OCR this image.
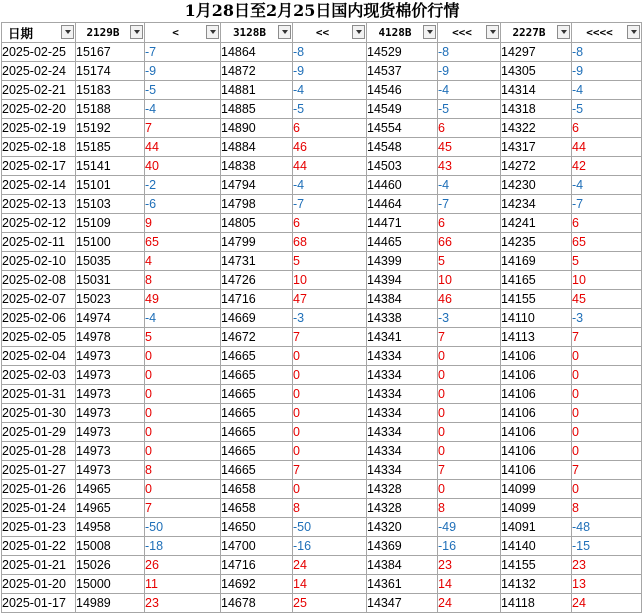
1月28日至2月25日国内现货棉价行情
日期	2129B	<	3128B	<<	4128B	<<<	2227B	<<<<

2025-02-25	15167	-7	14864	-8	14529	-8	14297	-8
2025-02-24	15174	-9	14872	-9	14537	-9	14305	-9
2025-02-21	15183	-5	14881	-4	14546	-4	14314	-4
2025-02-20	15188	-4	14885	-5	14549	-5	14318	-5
2025-02-19	15192	7	14890	6	14554	6	14322	6
2025-02-18	15185	44	14884	46	14548	45	14317	44
2025-02-17	15141	40	14838	44	14503	43	14272	42
2025-02-14	15101	-2	14794	-4	14460	-4	14230	-4
2025-02-13	15103	-6	14798	-7	14464	-7	14234	-7
2025-02-12	15109	9	14805	6	14471	6	14241	6
2025-02-11	15100	65	14799	68	14465	66	14235	65
2025-02-10	15035	4	14731	5	14399	5	14169	5
2025-02-08	15031	8	14726	10	14394	10	14165	10
2025-02-07	15023	49	14716	47	14384	46	14155	45
2025-02-06	14974	-4	14669	-3	14338	-3	14110	-3
2025-02-05	14978	5	14672	7	14341	7	14113	7
2025-02-04	14973	0	14665	0	14334	0	14106	0
2025-02-03	14973	0	14665	0	14334	0	14106	0
2025-01-31	14973	0	14665	0	14334	0	14106	0
2025-01-30	14973	0	14665	0	14334	0	14106	0
2025-01-29	14973	0	14665	0	14334	0	14106	0
2025-01-28	14973	0	14665	0	14334	0	14106	0
2025-01-27	14973	8	14665	7	14334	7	14106	7
2025-01-26	14965	0	14658	0	14328	0	14099	0
2025-01-24	14965	7	14658	8	14328	8	14099	8
2025-01-23	14958	-50	14650	-50	14320	-49	14091	-48
2025-01-22	15008	-18	14700	-16	14369	-16	14140	-15
2025-01-21	15026	26	14716	24	14384	23	14155	23
2025-01-20	15000	11	14692	14	14361	14	14132	13
2025-01-17	14989	23	14678	25	14347	24	14118	24
